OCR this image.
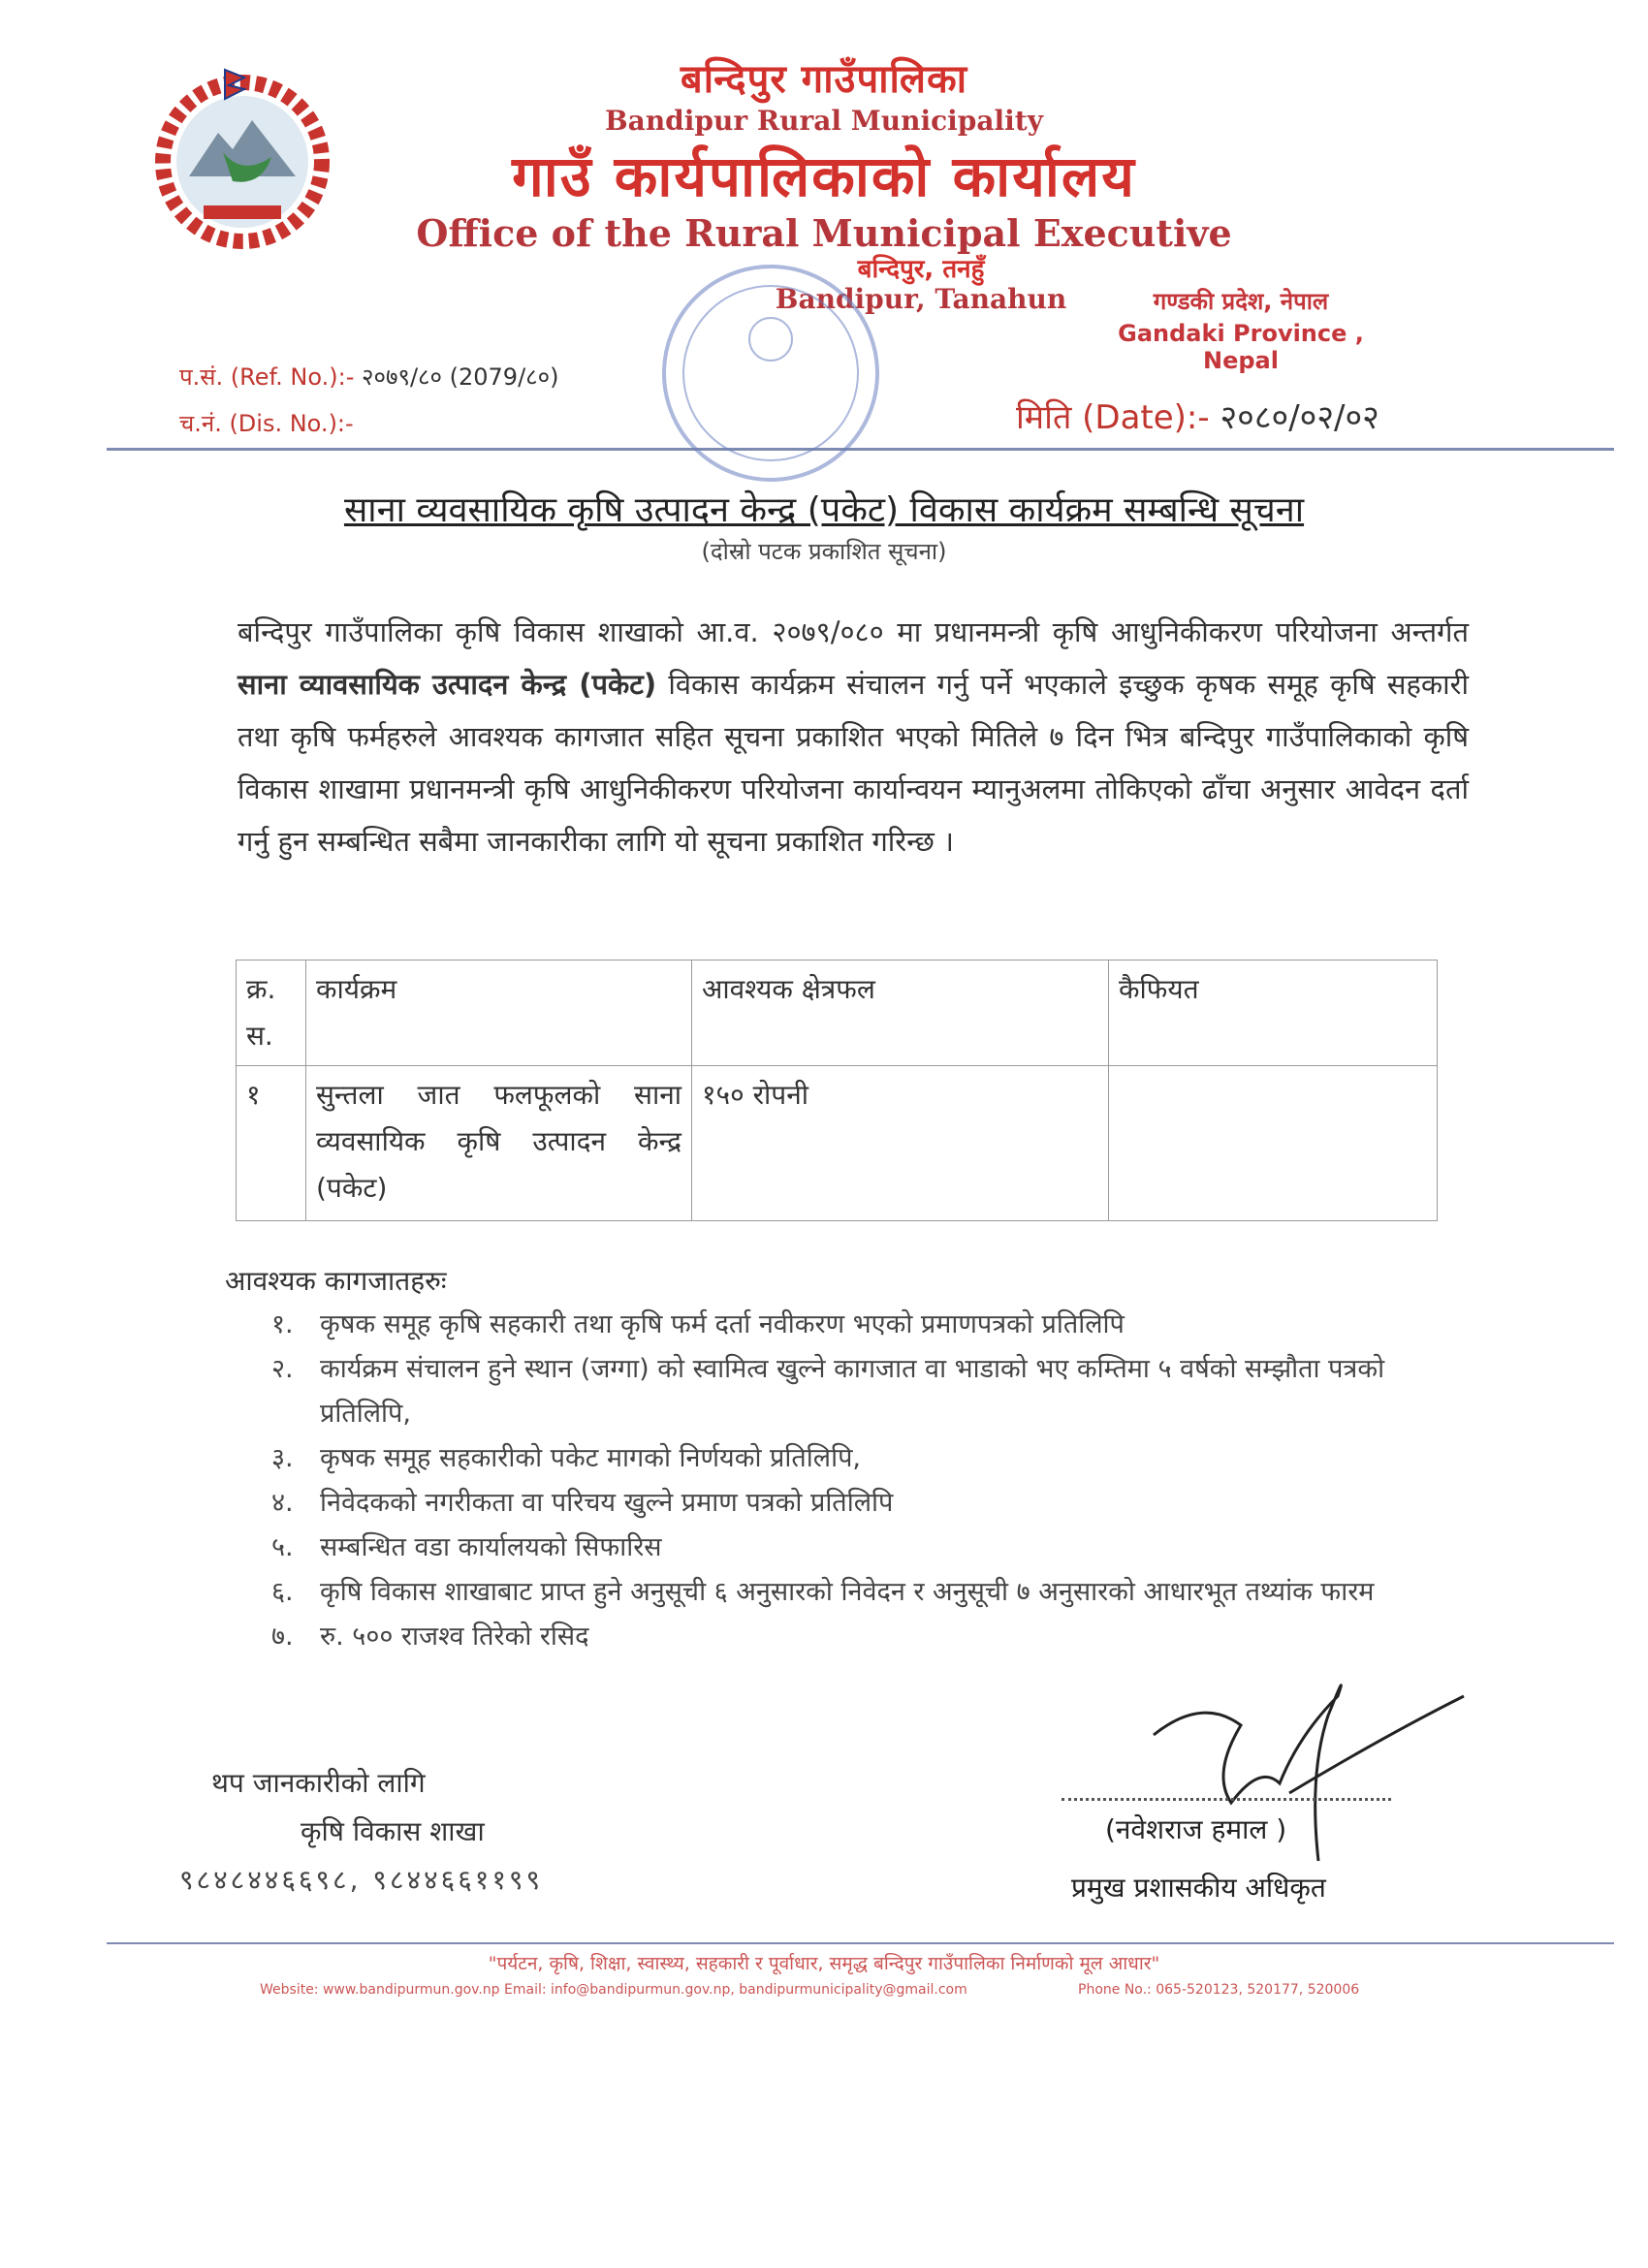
बन्दिपुर गाउँपालिका
Bandipur Rural Municipality
गाउँ कार्यपालिकाको कार्यालय
Office of the Rural Municipal Executive
बन्दिपुर, तनहुँ
Bandipur, Tanahun	गण्डकी प्रदेश, नेपाल
Gandaki Province , Nepal
प.सं. (Ref. No.):- २०७९/८० (2079/८०)
च.नं. (Dis. No.):-	मिति (Date):- २०८०/०२/०२
साना व्यवसायिक कृषि उत्पादन केन्द्र (पकेट) विकास कार्यक्रम सम्बन्धि सूचना
(दोस्रो पटक प्रकाशित सूचना)
बन्दिपुर गाउँपालिका कृषि विकास शाखाको आ.व. २०७९/०८० मा प्रधानमन्त्री कृषि आधुनिकीकरण परियोजना अन्तर्गत साना व्यावसायिक उत्पादन केन्द्र (पकेट) विकास कार्यक्रम संचालन गर्नु पर्ने भएकाले इच्छुक कृषक समूह कृषि सहकारी तथा कृषि फर्महरुले आवश्यक कागजात सहित सूचना प्रकाशित भएको मितिले ७ दिन भित्र बन्दिपुर गाउँपालिकाको कृषि विकास शाखामा प्रधानमन्त्री कृषि आधुनिकीकरण परियोजना कार्यान्वयन म्यानुअलमा तोकिएको ढाँचा अनुसार आवेदन दर्ता गर्नु हुन सम्बन्धित सबैमा जानकारीका लागि यो सूचना प्रकाशित गरिन्छ ।
क्र. स.	कार्यक्रम	आवश्यक क्षेत्रफल	कैफियत
१	सुन्तला जात फलफूलको साना व्यवसायिक कृषि उत्पादन केन्द्र (पकेट)	१५० रोपनी	
आवश्यक कागजातहरुः
१.	कृषक समूह कृषि सहकारी तथा कृषि फर्म दर्ता नवीकरण भएको प्रमाणपत्रको प्रतिलिपि
२.	कार्यक्रम संचालन हुने स्थान (जग्गा) को स्वामित्व खुल्ने कागजात वा भाडाको भए कम्तिमा ५ वर्षको सम्झौता पत्रको प्रतिलिपि,
३.	कृषक समूह सहकारीको पकेट मागको निर्णयको प्रतिलिपि,
४.	निवेदकको नगरीकता वा परिचय खुल्ने प्रमाण पत्रको प्रतिलिपि
५.	सम्बन्धित वडा कार्यालयको सिफारिस
६.	कृषि विकास शाखाबाट प्राप्त हुने अनुसूची ६ अनुसारको निवेदन र अनुसूची ७ अनुसारको आधारभूत तथ्यांक फारम
७.	रु. ५०० राजश्व तिरेको रसिद
थप जानकारीको लागि
कृषि विकास शाखा
९८४८४४६६९८, ९८४४६६११९९
(नवेशराज हमाल )
प्रमुख प्रशासकीय अधिकृत
"पर्यटन, कृषि, शिक्षा, स्वास्थ्य, सहकारी र पूर्वाधार, समृद्ध बन्दिपुर गाउँपालिका निर्माणको मूल आधार"
Website: www.bandipurmun.gov.np Email: info@bandipurmun.gov.np, bandipurmunicipality@gmail.com	Phone No.: 065-520123, 520177, 520006
